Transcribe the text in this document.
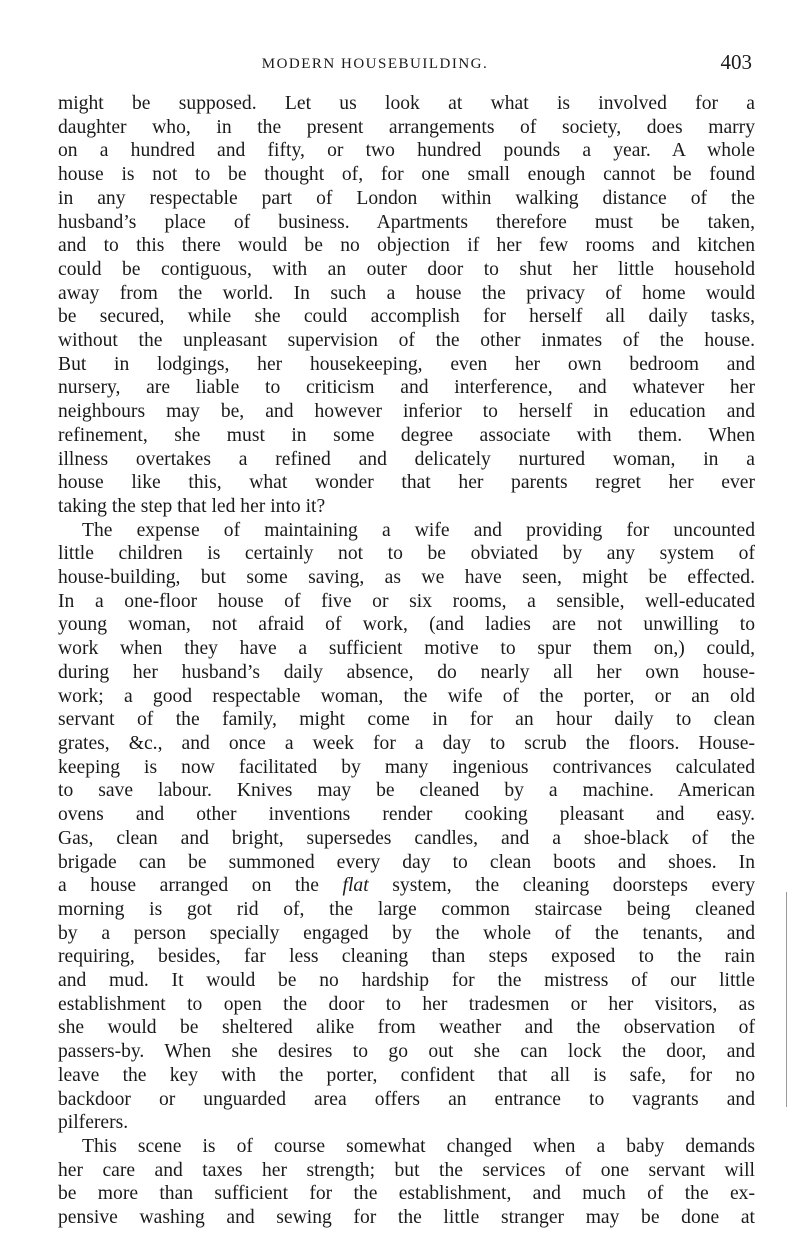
MODERN HOUSEBUILDING.	403
might be supposed. Let us look at what is involved for a
daughter who, in the present arrangements of society, does marry
on a hundred and fifty, or two hundred pounds a year. A whole
house is not to be thought of, for one small enough cannot be found
in any respectable part of London within walking distance of the
husband’s place of business. Apartments therefore must be taken,
and to this there would be no objection if her few rooms and kitchen
could be contiguous, with an outer door to shut her little household
away from the world. In such a house the privacy of home would
be secured, while she could accomplish for herself all daily tasks,
without the unpleasant supervision of the other inmates of the house.
But in lodgings, her housekeeping, even her own bedroom and
nursery, are liable to criticism and interference, and whatever her
neighbours may be, and however inferior to herself in education and
refinement, she must in some degree associate with them. When
illness overtakes a refined and delicately nurtured woman, in a
house like this, what wonder that her parents regret her ever
taking the step that led her into it?
The expense of maintaining a wife and providing for uncounted
little children is certainly not to be obviated by any system of
house-building, but some saving, as we have seen, might be effected.
In a one-floor house of five or six rooms, a sensible, well-educated
young woman, not afraid of work, (and ladies are not unwilling to
work when they have a sufficient motive to spur them on,) could,
during her husband’s daily absence, do nearly all her own house-
work; a good respectable woman, the wife of the porter, or an old
servant of the family, might come in for an hour daily to clean
grates, &c., and once a week for a day to scrub the floors. House-
keeping is now facilitated by many ingenious contrivances calculated
to save labour. Knives may be cleaned by a machine. American
ovens and other inventions render cooking pleasant and easy.
Gas, clean and bright, supersedes candles, and a shoe-black of the
brigade can be summoned every day to clean boots and shoes. In
a house arranged on the flat system, the cleaning doorsteps every
morning is got rid of, the large common staircase being cleaned
by a person specially engaged by the whole of the tenants, and
requiring, besides, far less cleaning than steps exposed to the rain
and mud. It would be no hardship for the mistress of our little
establishment to open the door to her tradesmen or her visitors, as
she would be sheltered alike from weather and the observation of
passers-by. When she desires to go out she can lock the door, and
leave the key with the porter, confident that all is safe, for no
backdoor or unguarded area offers an entrance to vagrants and
pilferers.
This scene is of course somewhat changed when a baby demands
her care and taxes her strength; but the services of one servant will
be more than sufficient for the establishment, and much of the ex-
pensive washing and sewing for the little stranger may be done at
